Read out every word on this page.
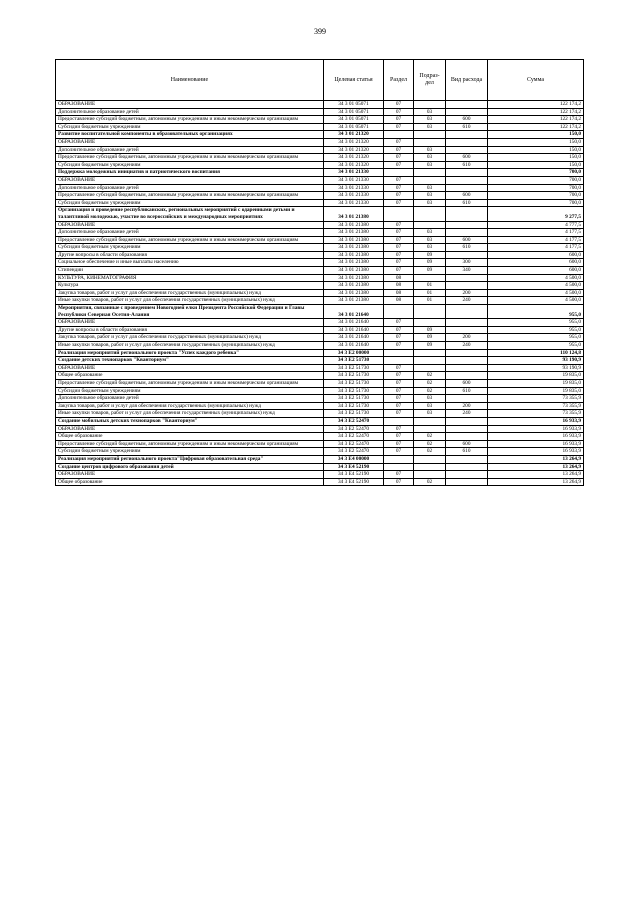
399
Наименование	Целевая статья	Раздел	Подраз-дел	Вид расхода	Сумма
ОБРАЗОВАНИЕ	34 3 01 05071	07			122 174,2
Дополнительное образование детей	34 3 01 05071	07	03		122 174,2
Предоставление субсидий бюджетным, автономным учреждениям и иным некоммерческим организациям	34 3 01 05071	07	03	600	122 174,2
Субсидии бюджетным учреждениям	34 3 01 05071	07	03	610	122 174,2
Развитие воспитательной компоненты в образовательных организациях	34 3 01 21320				150,0
ОБРАЗОВАНИЕ	34 3 01 21320	07			150,0
Дополнительное образование детей	34 3 01 21320	07	03		150,0
Предоставление субсидий бюджетным, автономным учреждениям и иным некоммерческим организациям	34 3 01 21320	07	03	600	150,0
Субсидии бюджетным учреждениям	34 3 01 21320	07	03	610	150,0
Поддержка молодежных инициатив и патриотического воспитания	34 3 01 21330				700,0
ОБРАЗОВАНИЕ	34 3 01 21330	07			700,0
Дополнительное образование детей	34 3 01 21330	07	03		700,0
Предоставление субсидий бюджетным, автономным учреждениям и иным некоммерческим организациям	34 3 01 21330	07	03	600	700,0
Субсидии бюджетным учреждениям	34 3 01 21330	07	03	610	700,0
Организация и проведение республиканских, региональных мероприятий с одаренными детьми и талантливой молодежью, участие во всероссийских и международных мероприятиях	34 3 01 21380				9 277,5
ОБРАЗОВАНИЕ	34 3 01 21380	07			4 777,5
Дополнительное образование детей	34 3 01 21380	07	03		4 177,5
Предоставление субсидий бюджетным, автономным учреждениям и иным некоммерческим организациям	34 3 01 21380	07	03	600	4 177,5
Субсидии бюджетным учреждениям	34 3 01 21380	07	03	610	4 177,5
Другие вопросы в области образования	34 3 01 21380	07	09		600,0
Социальное обеспечение и иные выплаты населению	34 3 01 21380	07	09	300	600,0
Стипендии	34 3 01 21380	07	09	340	600,0
КУЛЬТУРА, КИНЕМАТОГРАФИЯ	34 3 01 21380	08			4 500,0
Культура	34 3 01 21380	08	01		4 500,0
Закупка товаров, работ и услуг для обеспечения государственных (муниципальных) нужд	34 3 01 21380	08	01	200	4 500,0
Иные закупки товаров, работ и услуг для обеспечения государственных (муниципальных) нужд	34 3 01 21380	08	01	240	4 500,0
Мероприятия, связанные с проведением Новогодней елки Президента Российской Федерации и Главы Республики Северная Осетия-Алания	34 3 01 21640				955,0
ОБРАЗОВАНИЕ	34 3 01 21640	07			955,0
Другие вопросы в области образования	34 3 01 21640	07	09		955,0
Закупка товаров, работ и услуг для обеспечения государственных (муниципальных) нужд	34 3 01 21640	07	09	200	955,0
Иные закупки товаров, работ и услуг для обеспечения государственных (муниципальных) нужд	34 3 01 21640	07	09	240	955,0
Реализация мероприятий регионального проекта "Успех каждого ребенка"	34 3 E2 00000				110 124,8
Создание детских технопарков "Кванториум"	34 3 E2 51730				93 190,9
ОБРАЗОВАНИЕ	34 3 E2 51730	07			93 190,9
Общее образование	34 3 E2 51730	07	02		19 835,0
Предоставление субсидий бюджетным, автономным учреждениям и иным некоммерческим организациям	34 3 E2 51730	07	02	600	19 835,0
Субсидии бюджетным учреждениям	34 3 E2 51730	07	02	610	19 835,0
Дополнительное образование детей	34 3 E2 51730	07	03		73 355,9
Закупка товаров, работ и услуг для обеспечения государственных (муниципальных) нужд	34 3 E2 51730	07	03	200	73 355,9
Иные закупки товаров, работ и услуг для обеспечения государственных (муниципальных) нужд	34 3 E2 51730	07	03	240	73 355,9
Создание мобильных детских технопарков "Кванториум"	34 3 E2 52470				16 933,9
ОБРАЗОВАНИЕ	34 3 E2 52470	07			16 933,9
Общее образование	34 3 E2 52470	07	02		16 933,9
Предоставление субсидий бюджетным, автономным учреждениям и иным некоммерческим организациям	34 3 E2 52470	07	02	600	16 933,9
Субсидии бюджетным учреждениям	34 3 E2 52470	07	02	610	16 933,9
Реализация мероприятий регионального проекта"Цифровая образовательная среда"	34 3 E4 00000				13 264,9
Создание центров цифрового образования детей	34 3 E4 52190				13 264,9
ОБРАЗОВАНИЕ	34 3 E4 52190	07			13 264,9
Общее образование	34 3 E4 52190	07	02		13 264,9
